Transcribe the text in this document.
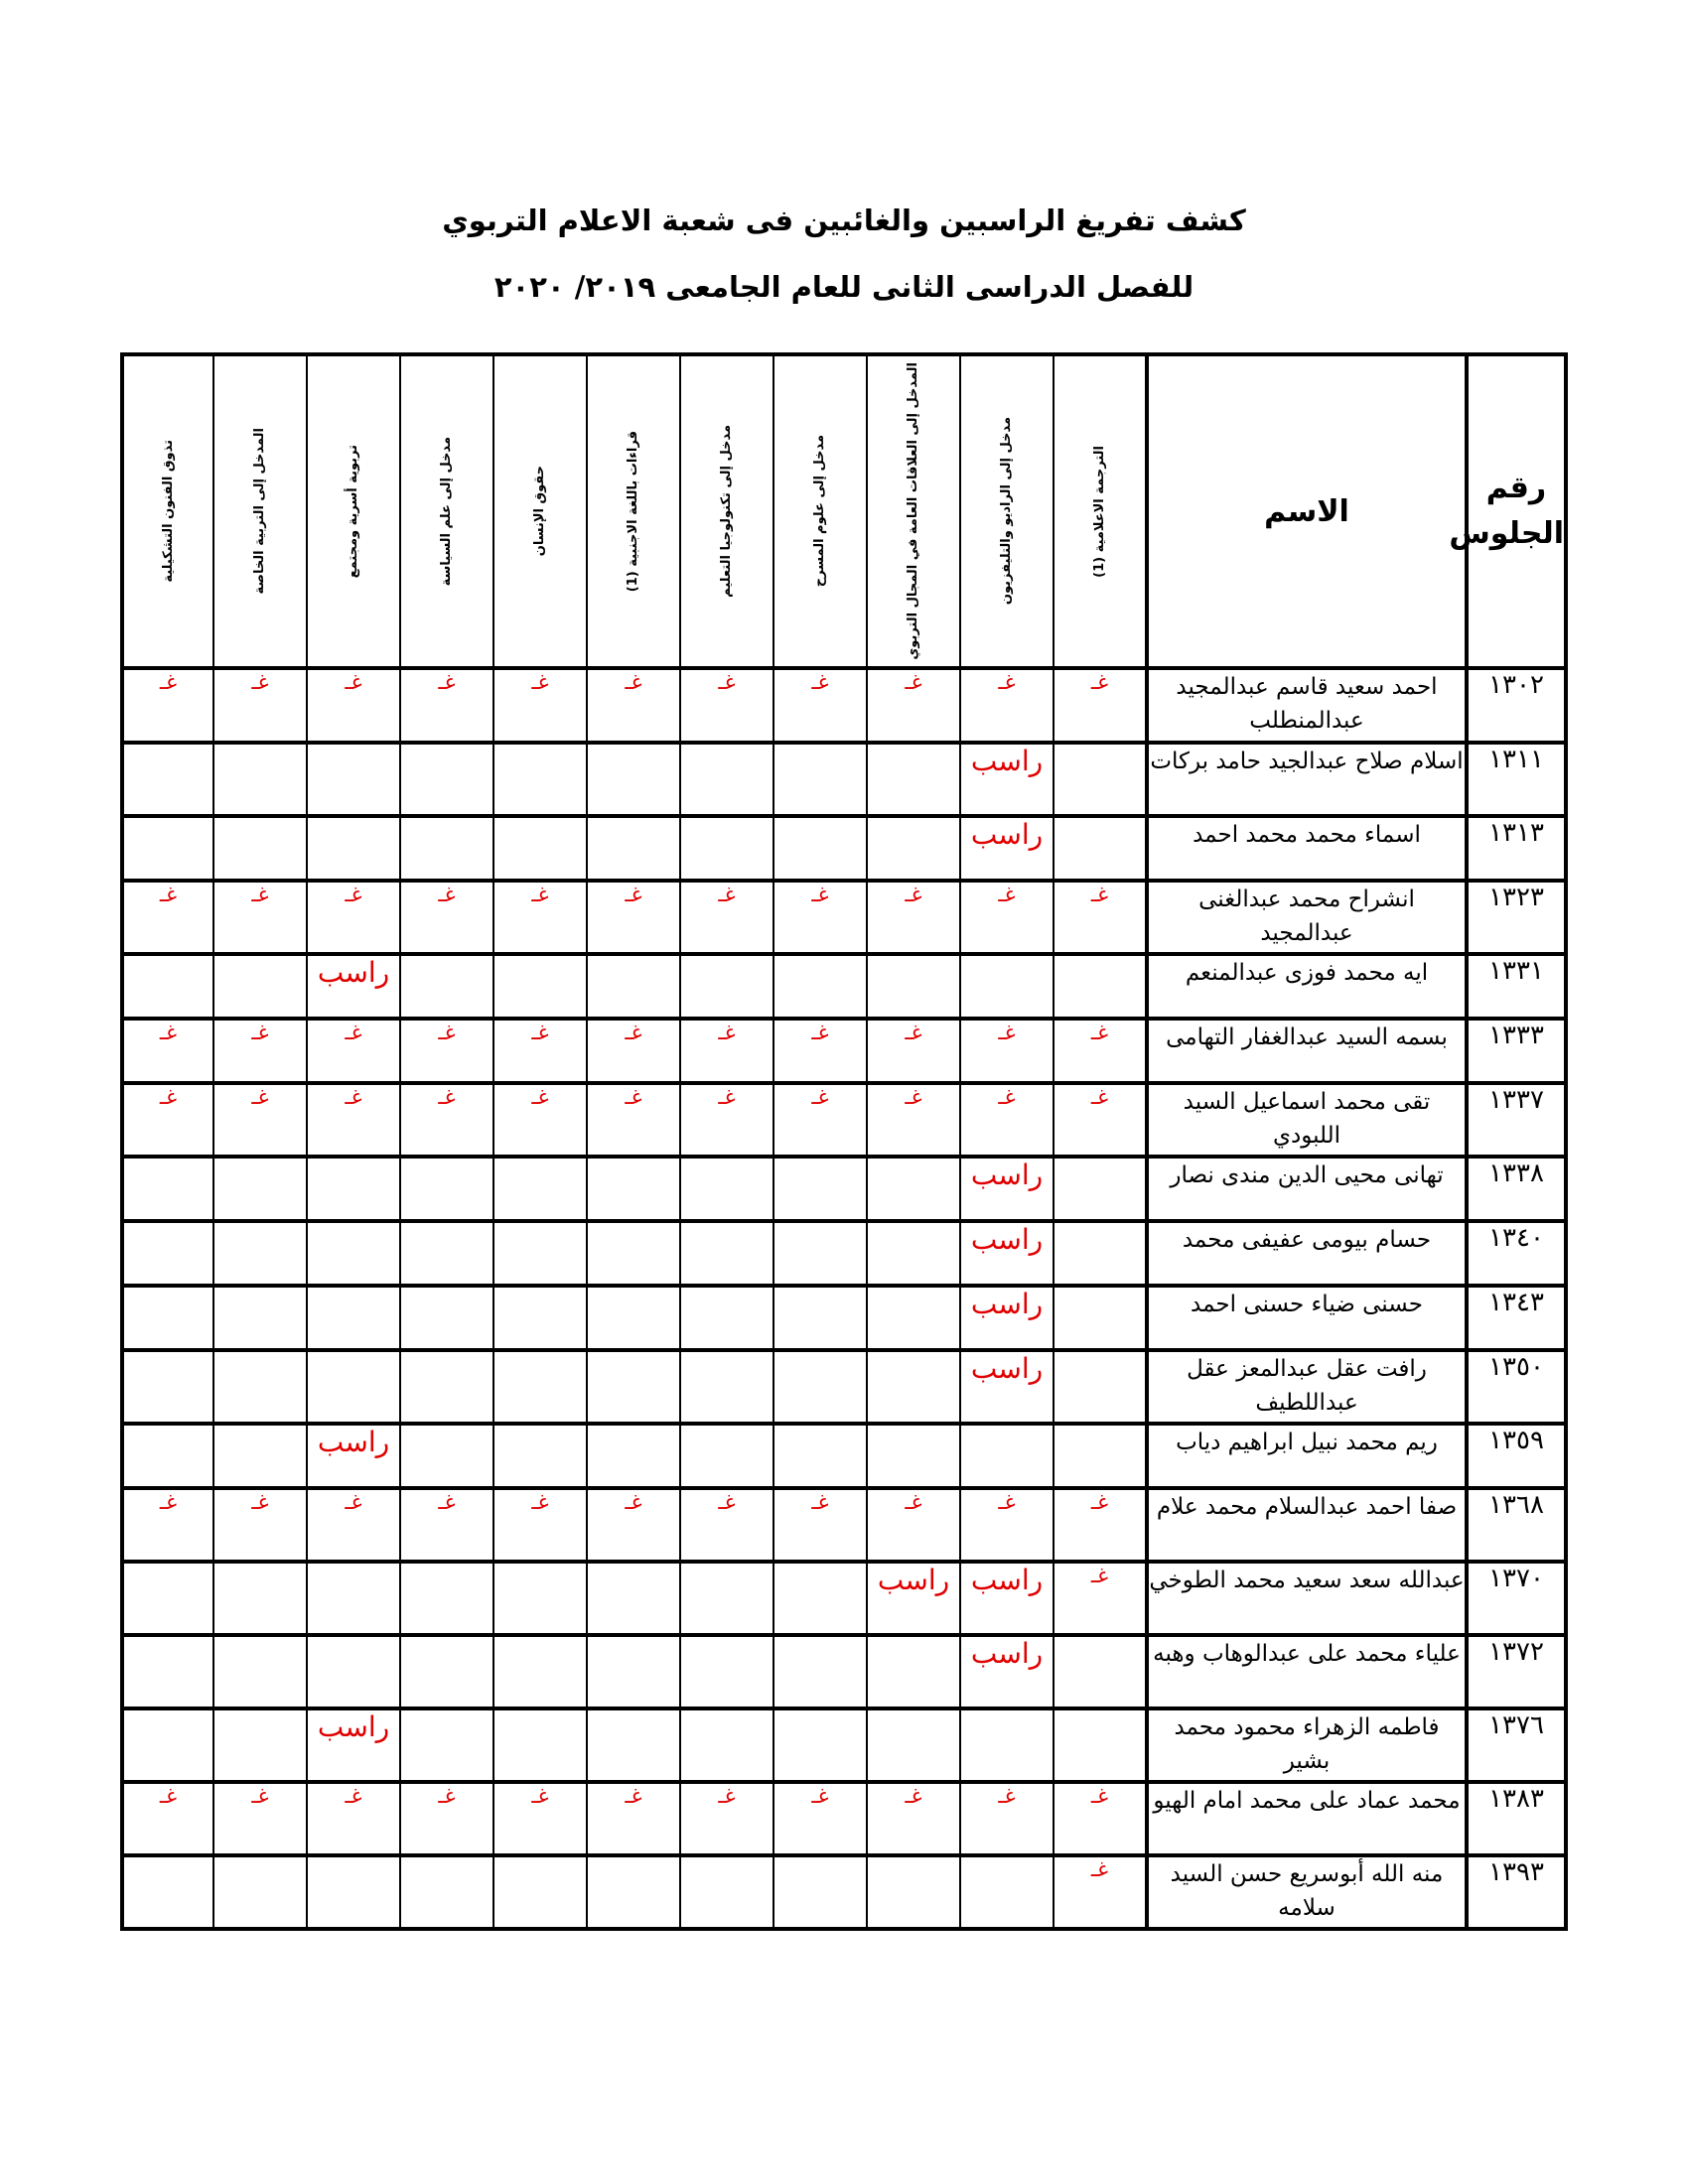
كشف تفريغ الراسبين والغائبين فى شعبة الاعلام التربوي
للفصل الدراسى الثانى للعام الجامعى ٢٠١٩/ ٢٠٢٠
رقم الجلوس	الاسم	الترجمة الاعلامية (1)	مدخل إلى الراديو والتليفزيون	المدخل إلى العلاقات العامة في المجال التربوي	مدخل إلى علوم المسرح	مدخل إلى تكنولوجيا التعليم	قراءات باللغة الاجنبية (1)	حقوق الإنسان	مدخل إلى علم السياسة	تربوية أسرية ومجتمع	المدخل إلى التربية الخاصة	تذوق الفنون التشكيلية

١٣٠٢	احمد سعيد قاسم عبدالمجيد عبدالمنطلب	غـ	غـ	غـ	غـ	غـ	غـ	غـ	غـ	غـ	غـ	غـ
١٣١١	اسلام صلاح عبدالجيد حامد بركات		راسب									
١٣١٣	اسماء محمد محمد احمد		راسب									
١٣٢٣	انشراح محمد عبدالغنى عبدالمجيد	غـ	غـ	غـ	غـ	غـ	غـ	غـ	غـ	غـ	غـ	غـ
١٣٣١	ايه محمد فوزى عبدالمنعم									راسب		
١٣٣٣	بسمه السيد عبدالغفار التهامى	غـ	غـ	غـ	غـ	غـ	غـ	غـ	غـ	غـ	غـ	غـ
١٣٣٧	تقى محمد اسماعيل السيد اللبودي	غـ	غـ	غـ	غـ	غـ	غـ	غـ	غـ	غـ	غـ	غـ
١٣٣٨	تهانى محيى الدين مندى نصار		راسب									
١٣٤٠	حسام بيومى عفيفى محمد		راسب									
١٣٤٣	حسنى ضياء حسنى احمد		راسب									
١٣٥٠	رافت عقل عبدالمعز عقل عبداللطيف		راسب									
١٣٥٩	ريم محمد نبيل ابراهيم دياب									راسب		
١٣٦٨	صفا احمد عبدالسلام محمد علام	غـ	غـ	غـ	غـ	غـ	غـ	غـ	غـ	غـ	غـ	غـ
١٣٧٠	عبدالله سعد سعيد محمد الطوخي	غـ	راسب	راسب								
١٣٧٢	علياء محمد على عبدالوهاب وهبه		راسب									
١٣٧٦	فاطمه الزهراء محمود محمد بشير									راسب		
١٣٨٣	محمد عماد على محمد امام الهيو	غـ	غـ	غـ	غـ	غـ	غـ	غـ	غـ	غـ	غـ	غـ
١٣٩٣	منه الله أبوسريع حسن السيد سلامه	غـ										
